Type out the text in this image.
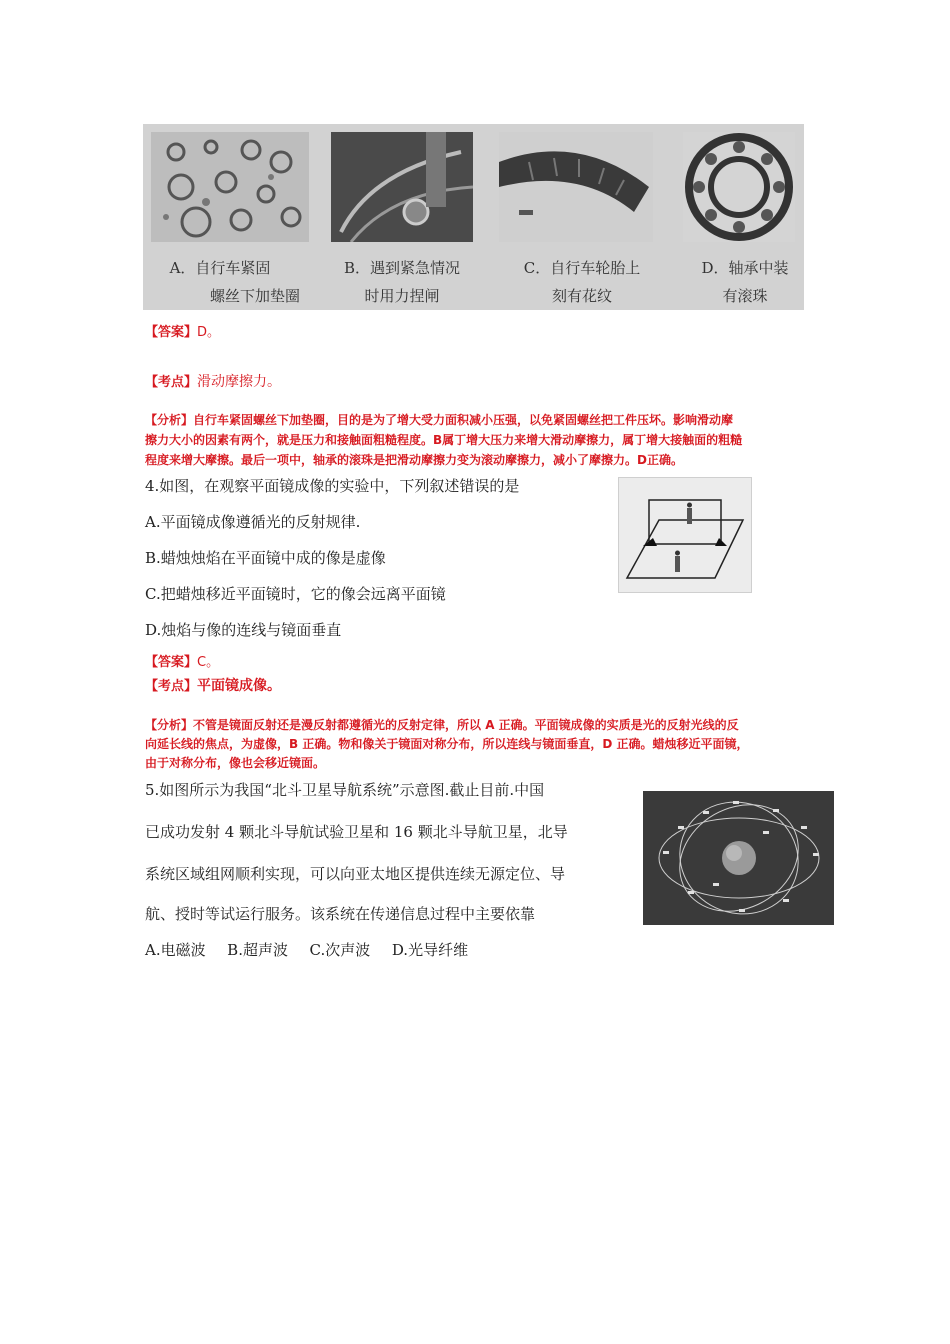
A．自行车紧固
螺丝下加垫圈
B．遇到紧急情况
时用力捏闸
C．自行车轮胎上
刻有花纹
D．轴承中装
有滚珠
【答案】D。
【考点】滑动摩擦力。
【分析】自行车紧固螺丝下加垫圈，目的是为了增大受力面积减小压强，以免紧固螺丝把工件压坏。影响滑动摩
擦力大小的因素有两个，就是压力和接触面粗糙程度。B属丁增大压力来增大滑动摩擦力，属丁增大接触面的粗糙
程度来增大摩擦。最后一项中，轴承的滚珠是把滑动摩擦力变为滚动摩擦力，减小了摩擦力。D正确。
4.如图，在观察平面镜成像的实验中，下列叙述错误的是
A.平面镜成像遵循光的反射规律.
B.蜡烛烛焰在平面镜中成的像是虚像
C.把蜡烛移近平面镜时，它的像会远离平面镜
D.烛焰与像的连线与镜面垂直
【答案】C。
【考点】平面镜成像。
【分析】不管是镜面反射还是漫反射都遵循光的反射定律，所以 A 正确。平面镜成像的实质是光的反射光线的反
向延长线的焦点，为虚像，B 正确。物和像关于镜面对称分布，所以连线与镜面垂直，D 正确。蜡烛移近平面镜，
由于对称分布，像也会移近镜面。
5.如图所示为我国“北斗卫星导航系统”示意图.截止目前.中国
已成功发射 4 颗北斗导航试验卫星和 16 颗北斗导航卫星，北导
系统区域组网顺利实现，可以向亚太地区提供连续无源定位、导
航、授时等试运行服务。该系统在传递信息过程中主要依靠
A.电磁波 B.超声波 C.次声波 D.光导纤维
